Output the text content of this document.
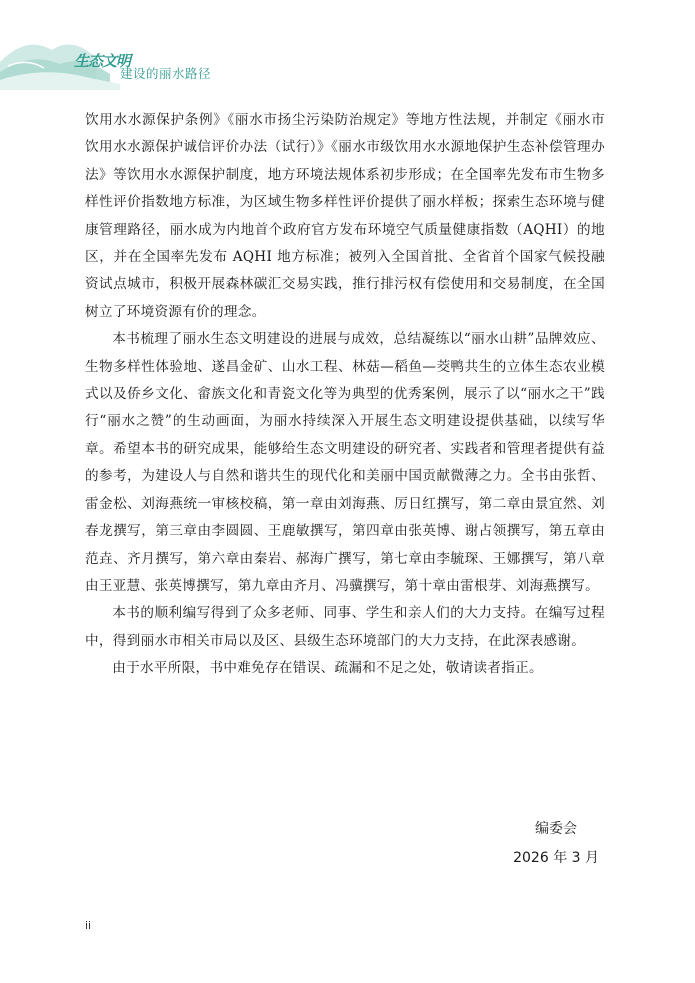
生态文明
建设的丽水路径

饮用水水源保护条例》《丽水市扬尘污染防治规定》等地方性法规，并制定《丽水市饮用水水源保护诚信评价办法（试行）》《丽水市级饮用水水源地保护生态补偿管理办法》等饮用水水源保护制度，地方环境法规体系初步形成；在全国率先发布市生物多样性评价指数地方标准，为区域生物多样性评价提供了丽水样板；探索生态环境与健康管理路径，丽水成为内地首个政府官方发布环境空气质量健康指数（AQHI）的地区，并在全国率先发布 AQHI 地方标准；被列入全国首批、全省首个国家气候投融资试点城市，积极开展森林碳汇交易实践，推行排污权有偿使用和交易制度，在全国树立了环境资源有价的理念。

本书梳理了丽水生态文明建设的进展与成效，总结凝练以“丽水山耕”品牌效应、生物多样性体验地、遂昌金矿、山水工程、林菇—稻鱼—茭鸭共生的立体生态农业模式以及侨乡文化、畲族文化和青瓷文化等为典型的优秀案例，展示了以“丽水之干”践行“丽水之赞”的生动画面，为丽水持续深入开展生态文明建设提供基础，以续写华章。希望本书的研究成果，能够给生态文明建设的研究者、实践者和管理者提供有益的参考，为建设人与自然和谐共生的现代化和美丽中国贡献微薄之力。全书由张哲、雷金松、刘海燕统一审核校稿，第一章由刘海燕、厉日红撰写，第二章由景宜然、刘春龙撰写，第三章由李圆圆、王鹿敏撰写，第四章由张英博、谢占领撰写，第五章由范垚、齐月撰写，第六章由秦岩、郝海广撰写，第七章由李毓琛、王娜撰写，第八章由王亚慧、张英博撰写，第九章由齐月、冯骥撰写，第十章由雷根芽、刘海燕撰写。

本书的顺利编写得到了众多老师、同事、学生和亲人们的大力支持。在编写过程中，得到丽水市相关市局以及区、县级生态环境部门的大力支持，在此深表感谢。

由于水平所限，书中难免存在错误、疏漏和不足之处，敬请读者指正。

编委会
2026 年 3 月
ii
